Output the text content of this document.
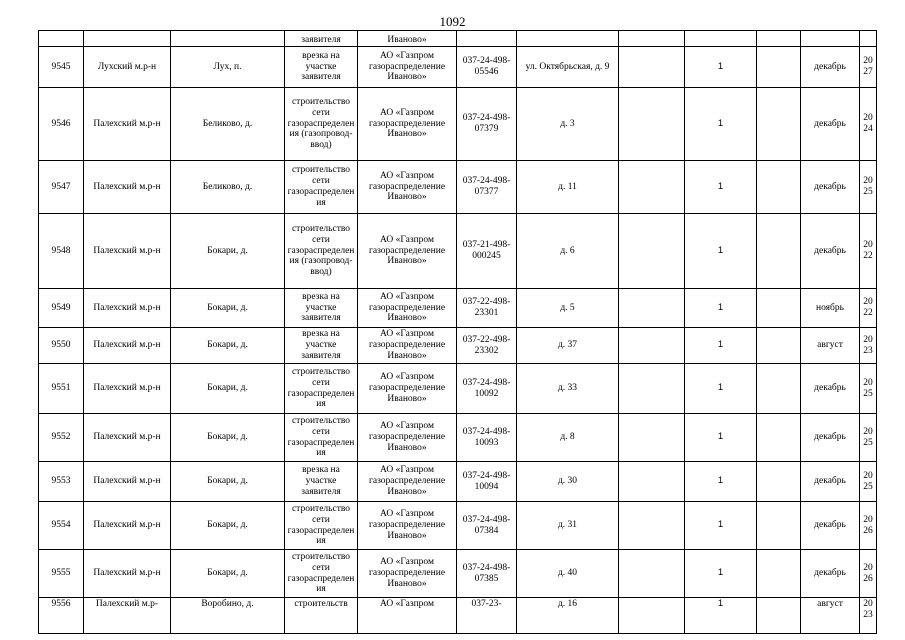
1092
			заявителя	Иваново»							
9545	Лухский м.р-н	Лух, п.	врезка на участке заявителя	АО «Газпром газораспределение Иваново»	037-24-498-05546	ул. Октябрьская, д. 9		1		декабрь	2027
9546	Палехский м.р-н	Беликово, д.	строительство сети газораспределения (газопровод-ввод)	АО «Газпром газораспределение Иваново»	037-24-498-07379	д. 3		1		декабрь	2024
9547	Палехский м.р-н	Беликово, д.	строительство сети газораспределения	АО «Газпром газораспределение Иваново»	037-24-498-07377	д. 11		1		декабрь	2025
9548	Палехский м.р-н	Бокари, д.	строительство сети газораспределения (газопровод-ввод)	АО «Газпром газораспределение Иваново»	037-21-498-000245	д. 6		1		декабрь	2022
9549	Палехский м.р-н	Бокари, д.	врезка на участке заявителя	АО «Газпром газораспределение Иваново»	037-22-498-23301	д. 5		1		ноябрь	2022
9550	Палехский м.р-н	Бокари, д.	врезка на участке заявителя	АО «Газпром газораспределение Иваново»	037-22-498-23302	д. 37		1		август	2023
9551	Палехский м.р-н	Бокари, д.	строительство сети газораспределения	АО «Газпром газораспределение Иваново»	037-24-498-10092	д. 33		1		декабрь	2025
9552	Палехский м.р-н	Бокари, д.	строительство сети газораспределения	АО «Газпром газораспределение Иваново»	037-24-498-10093	д. 8		1		декабрь	2025
9553	Палехский м.р-н	Бокари, д.	врезка на участке заявителя	АО «Газпром газораспределение Иваново»	037-24-498-10094	д. 30		1		декабрь	2025
9554	Палехский м.р-н	Бокари, д.	строительство сети газораспределения	АО «Газпром газораспределение Иваново»	037-24-498-07384	д. 31		1		декабрь	2026
9555	Палехский м.р-н	Бокари, д.	строительство сети газораспределения	АО «Газпром газораспределение Иваново»	037-24-498-07385	д. 40		1		декабрь	2026
9556	Палехский м.р-	Воробино, д.	строительств	АО «Газпром	037-23-	д. 16		1		август	2023
